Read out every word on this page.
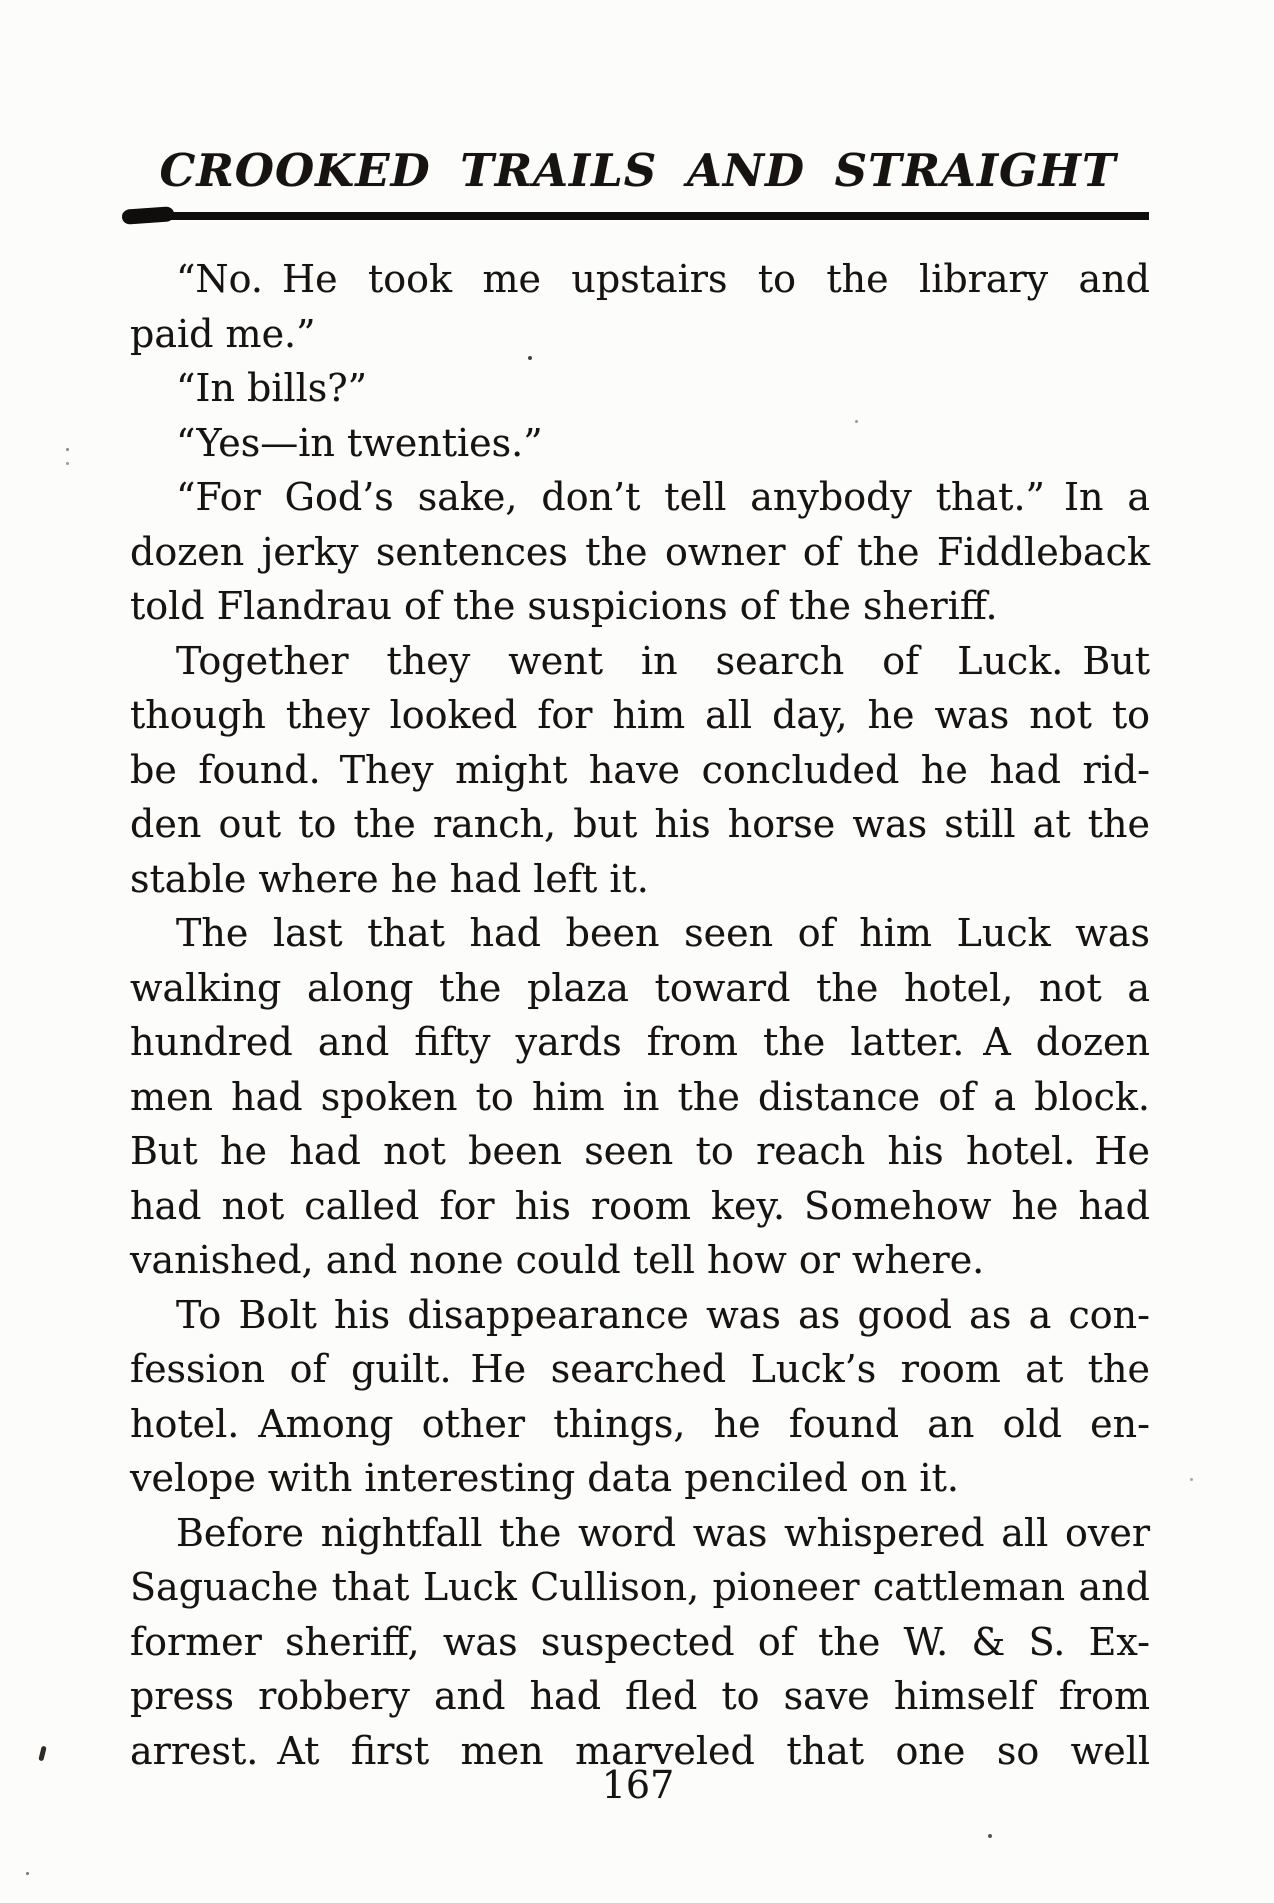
CROOKED TRAILS AND STRAIGHT
“No. He took me upstairs to the library and
paid me.”
“In bills?”
“Yes—in twenties.”
“For God’s sake, don’t tell anybody that.” In a
dozen jerky sentences the owner of the Fiddleback
told Flandrau of the suspicions of the sheriff.
Together they went in search of Luck. But
though they looked for him all day, he was not to
be found. They might have concluded he had rid-
den out to the ranch, but his horse was still at the
stable where he had left it.
The last that had been seen of him Luck was
walking along the plaza toward the hotel, not a
hundred and fifty yards from the latter. A dozen
men had spoken to him in the distance of a block.
But he had not been seen to reach his hotel. He
had not called for his room key. Somehow he had
vanished, and none could tell how or where.
To Bolt his disappearance was as good as a con-
fession of guilt. He searched Luck’s room at the
hotel. Among other things, he found an old en-
velope with interesting data penciled on it.
Before nightfall the word was whispered all over
Saguache that Luck Cullison, pioneer cattleman and
former sheriff, was suspected of the W. & S. Ex-
press robbery and had fled to save himself from
arrest. At first men marveled that one so well
167
